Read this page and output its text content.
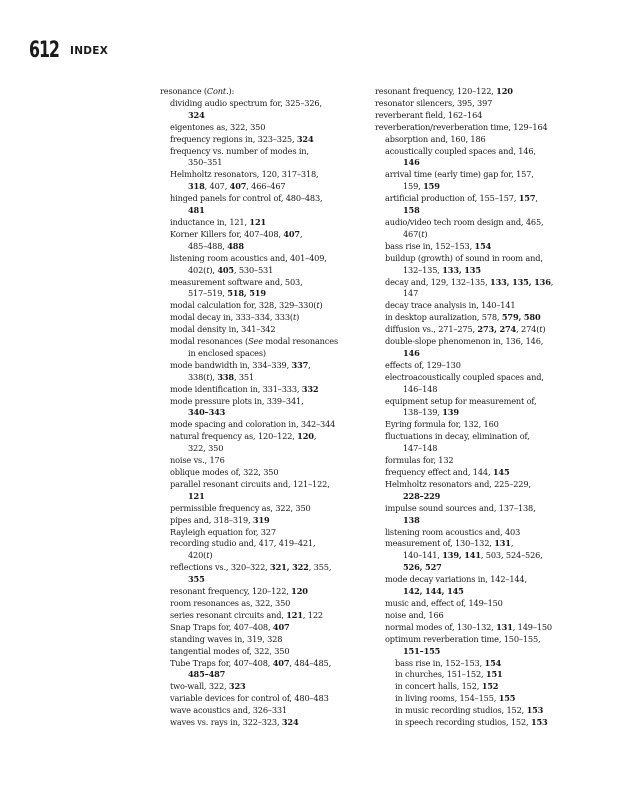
612 INDEX
resonance (Cont.):
dividing audio spectrum for, 325–326,
324
eigentones as, 322, 350
frequency regions in, 323–325, 324
frequency vs. number of modes in,
350–351
Helmholtz resonators, 120, 317–318,
318, 407, 407, 466–467
hinged panels for control of, 480–483,
481
inductance in, 121, 121
Korner Killers for, 407–408, 407,
485–488, 488
listening room acoustics and, 401–409,
402(t), 405, 530–531
measurement software and, 503,
517–519, 518, 519
modal calculation for, 328, 329–330(t)
modal decay in, 333–334, 333(t)
modal density in, 341–342
modal resonances (See modal resonances
in enclosed spaces)
mode bandwidth in, 334–339, 337,
338(t), 338, 351
mode identification in, 331–333, 332
mode pressure plots in, 339–341,
340–343
mode spacing and coloration in, 342–344
natural frequency as, 120–122, 120,
322, 350
noise vs., 176
oblique modes of, 322, 350
parallel resonant circuits and, 121–122,
121
permissible frequency as, 322, 350
pipes and, 318–319, 319
Rayleigh equation for, 327
recording studio and, 417, 419–421,
420(t)
reflections vs., 320–322, 321, 322, 355,
355
resonant frequency, 120–122, 120
room resonances as, 322, 350
series resonant circuits and, 121, 122
Snap Traps for, 407–408, 407
standing waves in, 319, 328
tangential modes of, 322, 350
Tube Traps for, 407–408, 407, 484–485,
485–487
two-wall, 322, 323
variable devices for control of, 480–483
wave acoustics and, 326–331
waves vs. rays in, 322–323, 324
resonant frequency, 120–122, 120
resonator silencers, 395, 397
reverberant field, 162–164
reverberation/reverberation time, 129–164
absorption and, 160, 186
acoustically coupled spaces and, 146,
146
arrival time (early time) gap for, 157,
159, 159
artificial production of, 155–157, 157,
158
audio/video tech room design and, 465,
467(t)
bass rise in, 152–153, 154
buildup (growth) of sound in room and,
132–135, 133, 135
decay and, 129, 132–135, 133, 135, 136,
147
decay trace analysis in, 140–141
in desktop auralization, 578, 579, 580
diffusion vs., 271–275, 273, 274, 274(t)
double-slope phenomenon in, 136, 146,
146
effects of, 129–130
electroacoustically coupled spaces and,
146–148
equipment setup for measurement of,
138–139, 139
Eyring formula for, 132, 160
fluctuations in decay, elimination of,
147–148
formulas for, 132
frequency effect and, 144, 145
Helmholtz resonators and, 225–229,
228–229
impulse sound sources and, 137–138,
138
listening room acoustics and, 403
measurement of, 130–132, 131,
140–141, 139, 141, 503, 524–526,
526, 527
mode decay variations in, 142–144,
142, 144, 145
music and, effect of, 149–150
noise and, 166
normal modes of, 130–132, 131, 149–150
optimum reverberation time, 150–155,
151–155
bass rise in, 152–153, 154
in churches, 151–152, 151
in concert halls, 152, 152
in living rooms, 154–155, 155
in music recording studios, 152, 153
in speech recording studios, 152, 153
